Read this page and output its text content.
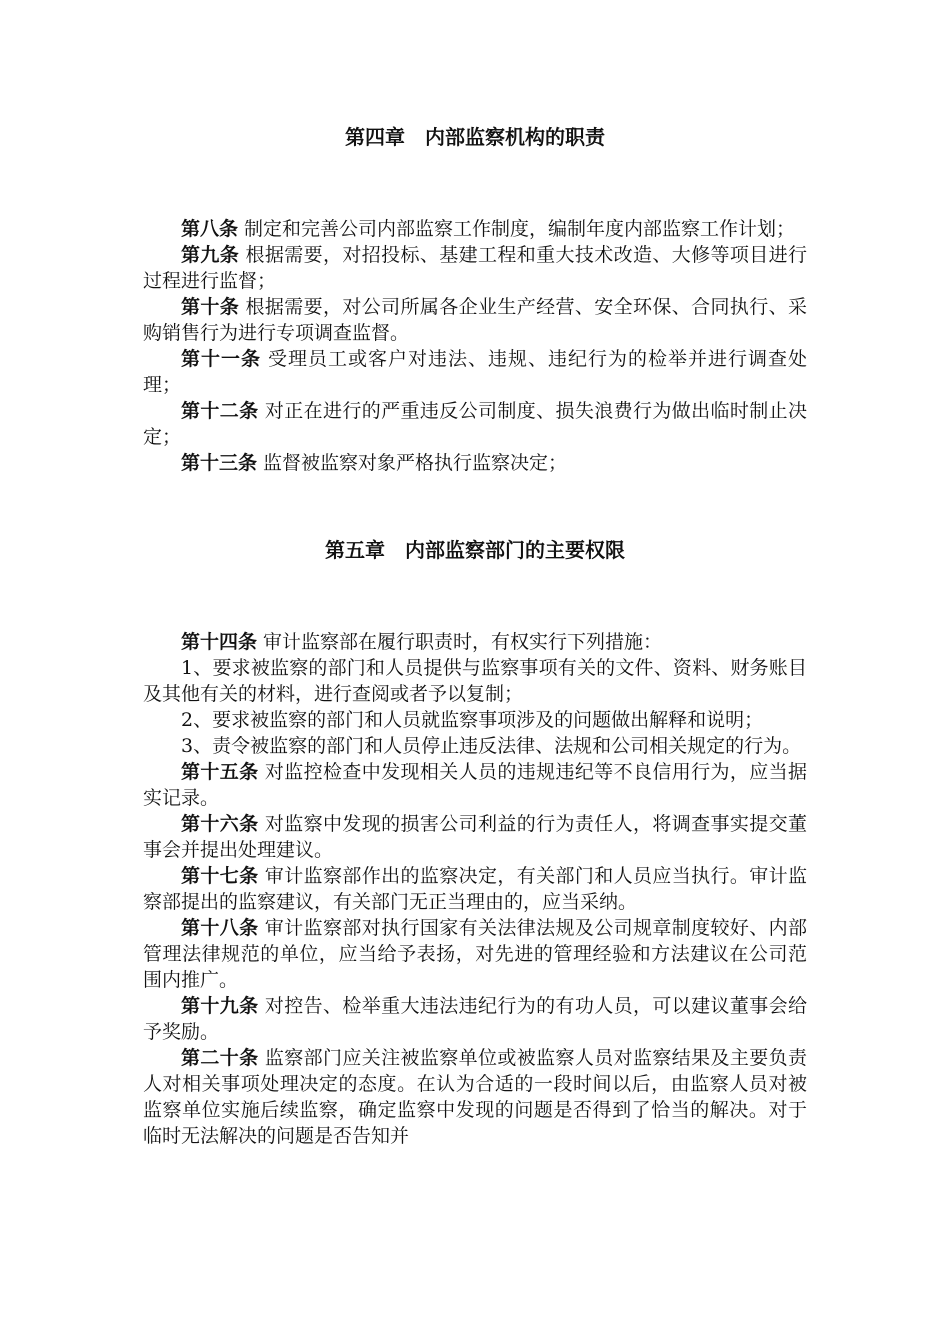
第四章　内部监察机构的职责

第八条 制定和完善公司内部监察工作制度，编制年度内部监察工作计划；

第九条 根据需要，对招投标、基建工程和重大技术改造、大修等项目进行过程进行监督；

第十条 根据需要，对公司所属各企业生产经营、安全环保、合同执行、采购销售行为进行专项调查监督。

第十一条 受理员工或客户对违法、违规、违纪行为的检举并进行调查处理；

第十二条 对正在进行的严重违反公司制度、损失浪费行为做出临时制止决定；

第十三条 监督被监察对象严格执行监察决定；

第五章　内部监察部门的主要权限

第十四条 审计监察部在履行职责时，有权实行下列措施：

1、要求被监察的部门和人员提供与监察事项有关的文件、资料、财务账目及其他有关的材料，进行查阅或者予以复制；

2、要求被监察的部门和人员就监察事项涉及的问题做出解释和说明；

3、责令被监察的部门和人员停止违反法律、法规和公司相关规定的行为。

第十五条 对监控检查中发现相关人员的违规违纪等不良信用行为，应当据实记录。

第十六条 对监察中发现的损害公司利益的行为责任人，将调查事实提交董事会并提出处理建议。

第十七条 审计监察部作出的监察决定，有关部门和人员应当执行。审计监察部提出的监察建议，有关部门无正当理由的，应当采纳。

第十八条 审计监察部对执行国家有关法律法规及公司规章制度较好、内部管理法律规范的单位，应当给予表扬，对先进的管理经验和方法建议在公司范围内推广。

第十九条 对控告、检举重大违法违纪行为的有功人员，可以建议董事会给予奖励。

第二十条 监察部门应关注被监察单位或被监察人员对监察结果及主要负责人对相关事项处理决定的态度。在认为合适的一段时间以后，由监察人员对被监察单位实施后续监察，确定监察中发现的问题是否得到了恰当的解决。对于临时无法解决的问题是否告知并
